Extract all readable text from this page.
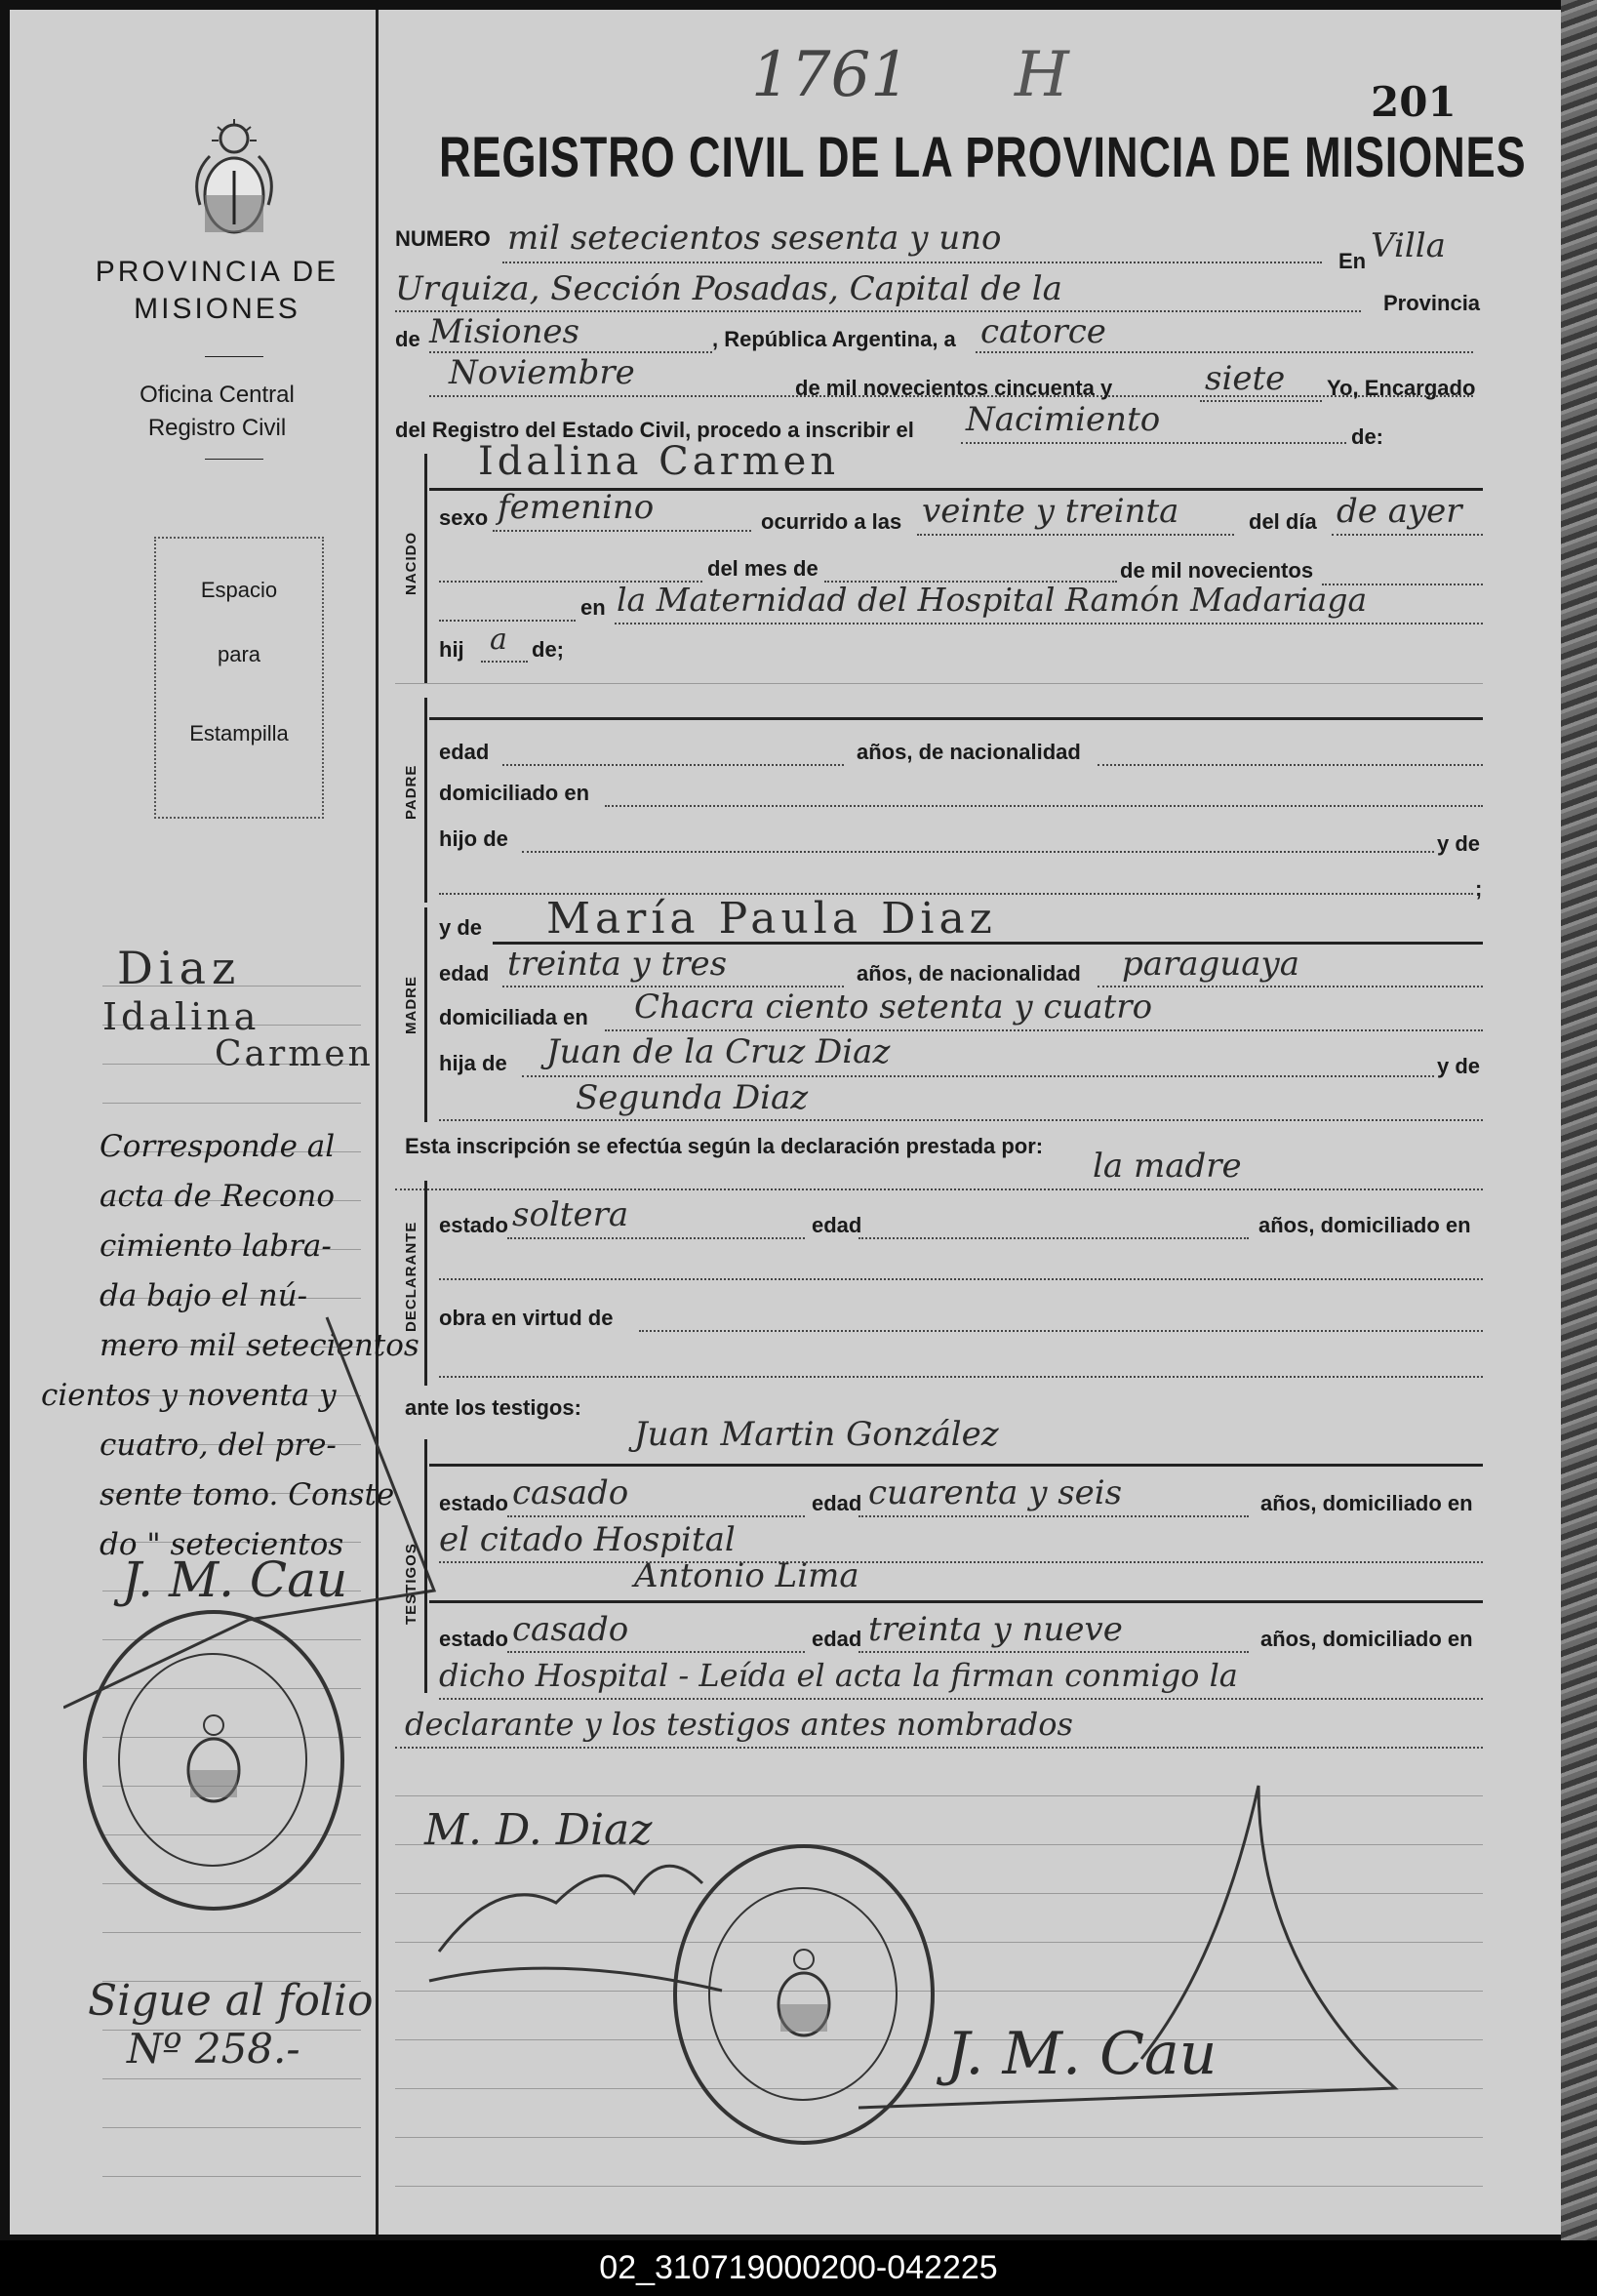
1761 H	201
REGISTRO CIVIL DE LA PROVINCIA DE MISIONES
PROVINCIA DE
MISIONES
Oficina Central
Registro Civil
Espacio
para
Estampilla
Diaz
Idalina
Carmen
Corresponde al
acta de Recono
cimiento labra-
da bajo el nú-
mero mil setecientos
cientos y noventa y
cuatro, del pre-
sente tomo. Conste
do " setecientos
J. M. Cau
Sigue al folio
Nº 258.-
NUMERO mil setecientos sesenta y uno
En Villa
Urquiza, Sección Posadas, Capital de la	Provincia
de Misiones	, República Argentina, a catorce
Noviembre	de mil novecientos cincuenta y	siete Yo, Encargado
del Registro del Estado Civil, procedo a inscribir el Nacimiento	de:
NACIDO
Idalina Carmen
sexo femenino	ocurrido a las veinte y treinta	del día de ayer
del mes de	de mil novecientos
en la Maternidad del Hospital Ramón Madariaga
hij a de;
PADRE
edad	años, de nacionalidad
domiciliado en
hijo de	y de
;
MADRE
y de María Paula Diaz
edad treinta y tres	años, de nacionalidad paraguaya
domiciliada en Chacra ciento setenta y cuatro
hija de Juan de la Cruz Diaz	y de
Segunda Diaz
Esta inscripción se efectúa según la declaración prestada por:
la madre
DECLARANTE estado soltera	edad	años, domiciliado en
obra en virtud de
ante los testigos:
TESTIGOS
Juan Martin González
estado casado	edad cuarenta y seis	años, domiciliado en
el citado Hospital
Antonio Lima
estado casado	edad treinta y nueve	años, domiciliado en
dicho Hospital - Leída el acta la firman conmigo la
declarante y los testigos antes nombrados
M. D. Diaz
J. M. Cau
02_310719000200-042225
